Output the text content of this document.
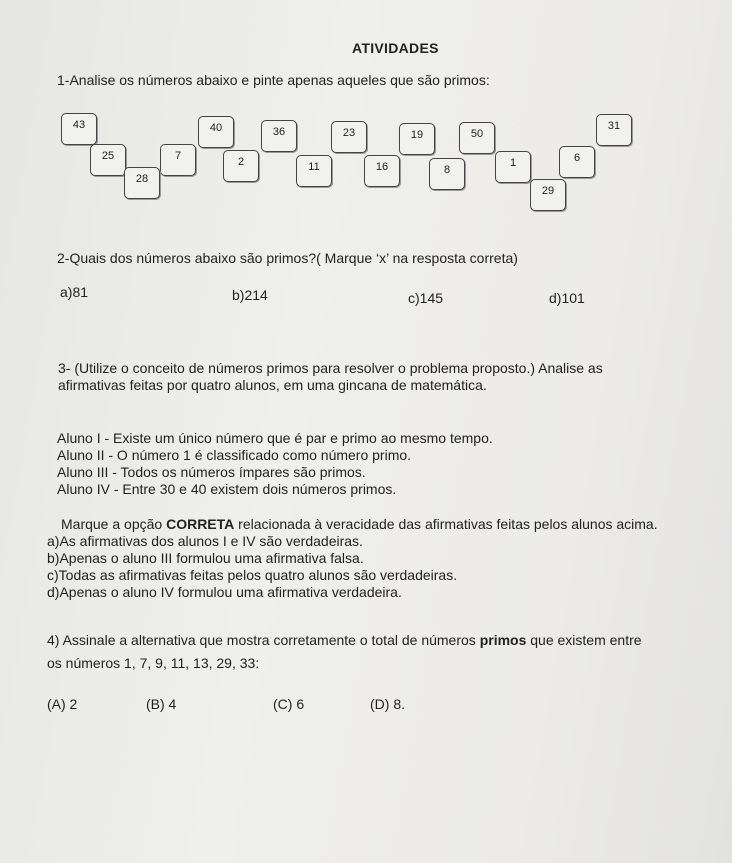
ATIVIDADES
1-Analise os números abaixo e pinte apenas aqueles que são primos:
43	40	36	23	19	50
31
25	7	2	11	16	8
1	6
28
29
2-Quais dos números abaixo são primos?( Marque ‘x’ na resposta correta)
a)81	b)214	c)145	d)101
3- (Utilize o conceito de números primos para resolver o problema proposto.) Analise as
afirmativas feitas por quatro alunos, em uma gincana de matemática.
Aluno I - Existe um único número que é par e primo ao mesmo tempo.
Aluno II - O número 1 é classificado como número primo.
Aluno III - Todos os números ímpares são primos.
Aluno IV - Entre 30 e 40 existem dois números primos.
Marque a opção CORRETA relacionada à veracidade das afirmativas feitas pelos alunos acima.
a)As afirmativas dos alunos I e IV são verdadeiras.
b)Apenas o aluno III formulou uma afirmativa falsa.
c)Todas as afirmativas feitas pelos quatro alunos são verdadeiras.
d)Apenas o aluno IV formulou uma afirmativa verdadeira.
4) Assinale a alternativa que mostra corretamente o total de números primos que existem entre
os números 1, 7, 9, 11, 13, 29, 33:
(A) 2	(B) 4	(C) 6	(D) 8.
